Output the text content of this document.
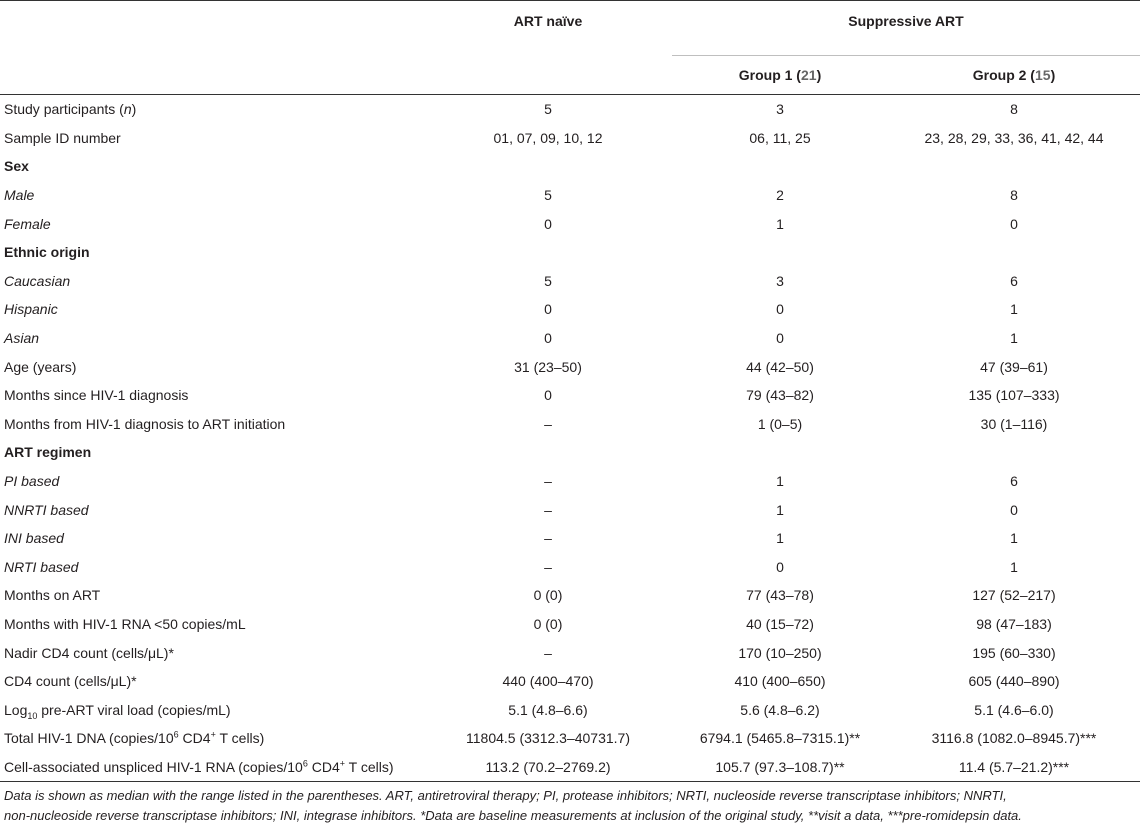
	ART naïve	Suppressive ART	
		Group 1 (21)	Group 2 (15)
Study participants (n)	5	3	8
Sample ID number	01, 07, 09, 10, 12	06, 11, 25	23, 28, 29, 33, 36, 41, 42, 44
Sex			
Male	5	2	8
Female	0	1	0
Ethnic origin			
Caucasian	5	3	6
Hispanic	0	0	1
Asian	0	0	1
Age (years)	31 (23–50)	44 (42–50)	47 (39–61)
Months since HIV-1 diagnosis	0	79 (43–82)	135 (107–333)
Months from HIV-1 diagnosis to ART initiation	–	1 (0–5)	30 (1–116)
ART regimen			
PI based	–	1	6
NNRTI based	–	1	0
INI based	–	1	1
NRTI based	–	0	1
Months on ART	0 (0)	77 (43–78)	127 (52–217)
Months with HIV-1 RNA <50 copies/mL	0 (0)	40 (15–72)	98 (47–183)
Nadir CD4 count (cells/μL)*	–	170 (10–250)	195 (60–330)
CD4 count (cells/μL)*	440 (400–470)	410 (400–650)	605 (440–890)
Log$_{10}$ pre-ART viral load (copies/mL)	5.1 (4.8–6.6)	5.6 (4.8–6.2)	5.1 (4.6–6.0)
Total HIV-1 DNA ($copies/10^6$ CD4+ T cells)	11804.5 (3312.3–40731.7)	6794.1 (5465.8–7315.1)**	3116.8 (1082.0–8945.7)***
Cell-associated unspliced HIV-1 RNA ($copies/10^6$ CD4+ T cells)	113.2 (70.2–2769.2)	105.7 (97.3–108.7)**	11.4 (5.7–21.2)***
Data is shown as median with the range listed in the parentheses. ART, antiretroviral therapy; PI, protease inhibitors; NRTI, nucleoside reverse transcriptase inhibitors; NNRTI,
non-nucleoside reverse transcriptase inhibitors; INI, integrase inhibitors. *Data are baseline measurements at inclusion of the original study, **visit a data, ***pre-romidepsin data.
